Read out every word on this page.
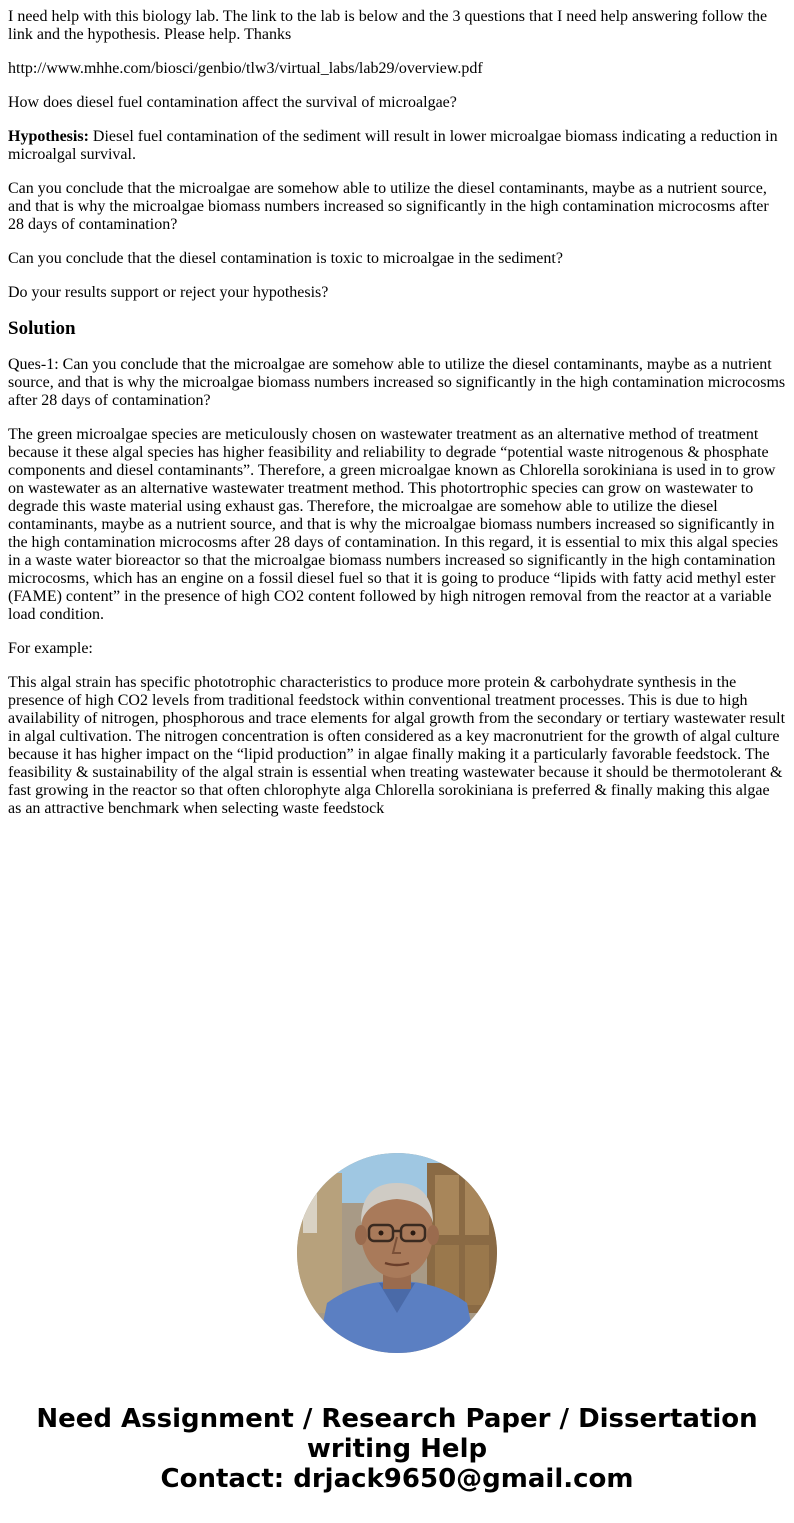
I need help with this biology lab. The link to the lab is below and the 3 questions that I need help answering follow the link and the hypothesis. Please help. Thanks

http://www.mhhe.com/biosci/genbio/tlw3/virtual_labs/lab29/overview.pdf

How does diesel fuel contamination affect the survival of microalgae?

Hypothesis: Diesel fuel contamination of the sediment will result in lower microalgae biomass indicating a reduction in microalgal survival.

Can you conclude that the microalgae are somehow able to utilize the diesel contaminants, maybe as a nutrient source, and that is why the microalgae biomass numbers increased so significantly in the high contamination microcosms after 28 days of contamination?

Can you conclude that the diesel contamination is toxic to microalgae in the sediment?

Do your results support or reject your hypothesis?

Solution

Ques-1: Can you conclude that the microalgae are somehow able to utilize the diesel contaminants, maybe as a nutrient source, and that is why the microalgae biomass numbers increased so significantly in the high contamination microcosms after 28 days of contamination?

The green microalgae species are meticulously chosen on wastewater treatment as an alternative method of treatment because it these algal species has higher feasibility and reliability to degrade “potential waste nitrogenous & phosphate components and diesel contaminants”. Therefore, a green microalgae known as Chlorella sorokiniana is used in to grow on wastewater as an alternative wastewater treatment method. This photortrophic species can grow on wastewater to degrade this waste material using exhaust gas. Therefore, the microalgae are somehow able to utilize the diesel contaminants, maybe as a nutrient source, and that is why the microalgae biomass numbers increased so significantly in the high contamination microcosms after 28 days of contamination. In this regard, it is essential to mix this algal species in a waste water bioreactor so that the microalgae biomass numbers increased so significantly in the high contamination microcosms, which has an engine on a fossil diesel fuel so that it is going to produce “lipids with fatty acid methyl ester (FAME) content” in the presence of high CO2 content followed by high nitrogen removal from the reactor at a variable load condition.

For example:

This algal strain has specific phototrophic characteristics to produce more protein & carbohydrate synthesis in the presence of high CO2 levels from traditional feedstock within conventional treatment processes. This is due to high availability of nitrogen, phosphorous and trace elements for algal growth from the secondary or tertiary wastewater result in algal cultivation. The nitrogen concentration is often considered as a key macronutrient for the growth of algal culture because it has higher impact on the “lipid production” in algae finally making it a particularly favorable feedstock. The feasibility & sustainability of the algal strain is essential when treating wastewater because it should be thermotolerant & fast growing in the reactor so that often chlorophyte alga Chlorella sorokiniana is preferred & finally making this algae as an attractive benchmark when selecting waste feedstock

Need Assignment / Research Paper / Dissertation
writing Help
Contact: drjack9650@gmail.com
